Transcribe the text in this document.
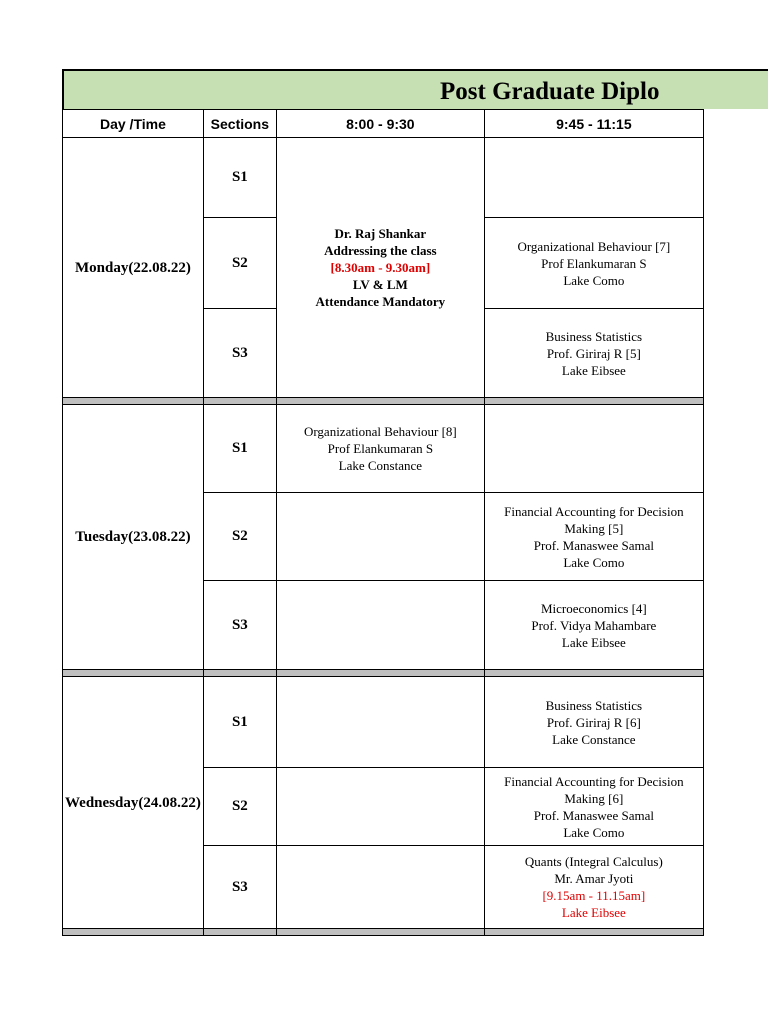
Post Graduate Diplo
Day /Time	Sections	8:00 - 9:30	9:45 - 11:15
Monday(22.08.22)	S1	Dr. Raj Shankar
Addressing the class
[8.30am - 9.30am]
LV & LM
Attendance Mandatory	

	S2		Organizational Behaviour [7]
Prof Elankumaran S
Lake Como

	S3		Business Statistics
Prof. Giriraj R [5]
Lake Eibsee

Tuesday(23.08.22)	S1	Organizational Behaviour [8]
Prof Elankumaran S
Lake Constance	

	S2		Financial Accounting for Decision
Making [5]
Prof. Manaswee Samal
Lake Como

	S3		Microeconomics [4]
Prof. Vidya Mahambare
Lake Eibsee

Wednesday(24.08.22)	S1		Business Statistics
Prof. Giriraj R [6]
Lake Constance

	S2		Financial Accounting for Decision
Making [6]
Prof. Manaswee Samal
Lake Como

	S3		Quants (Integral Calculus)
Mr. Amar Jyoti
[9.15am - 11.15am]
Lake Eibsee
